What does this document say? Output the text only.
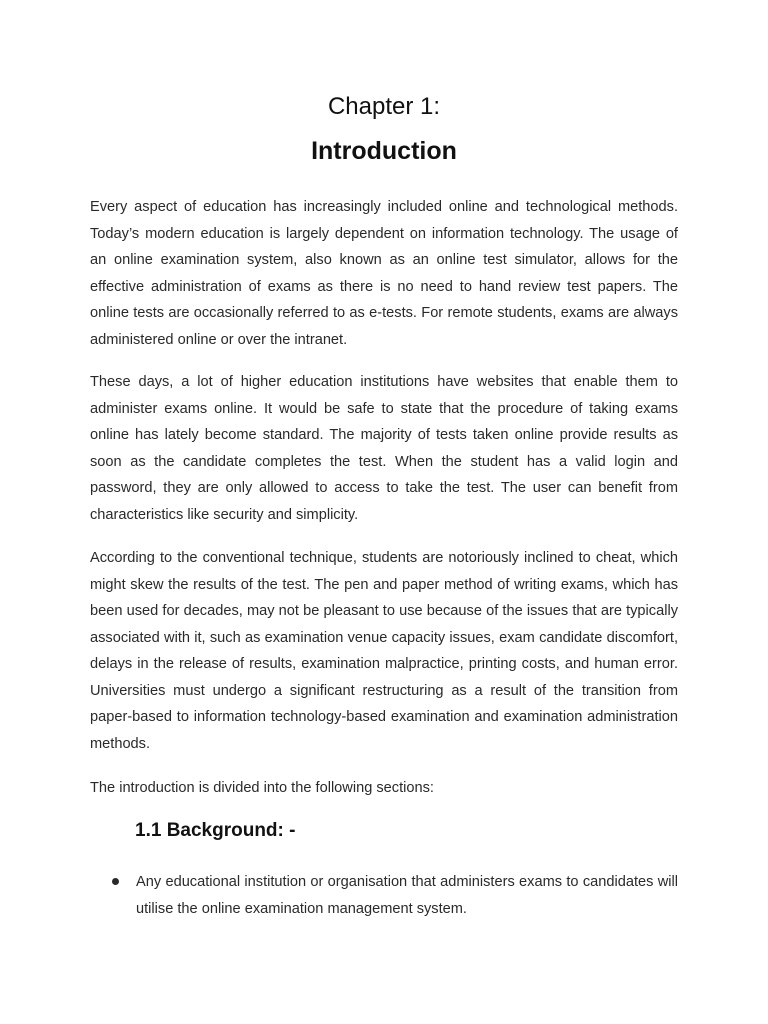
Chapter 1:
Introduction

Every aspect of education has increasingly included online and technological methods. Today’s modern education is largely dependent on information technology. The usage of an online examination system, also known as an online test simulator, allows for the effective administration of exams as there is no need to hand review test papers. The online tests are occasionally referred to as e-tests. For remote students, exams are always administered online or over the intranet.

These days, a lot of higher education institutions have websites that enable them to administer exams online. It would be safe to state that the procedure of taking exams online has lately become standard. The majority of tests taken online provide results as soon as the candidate completes the test. When the student has a valid login and password, they are only allowed to access to take the test. The user can benefit from characteristics like security and simplicity.

According to the conventional technique, students are notoriously inclined to cheat, which might skew the results of the test. The pen and paper method of writing exams, which has been used for decades, may not be pleasant to use because of the issues that are typically associated with it, such as examination venue capacity issues, exam candidate discomfort, delays in the release of results, examination malpractice, printing costs, and human error. Universities must undergo a significant restructuring as a result of the transition from paper-based to information technology-based examination and examination administration methods.

The introduction is divided into the following sections:

1.1 Background: -
Any educational institution or organisation that administers exams to candidates will utilise the online examination management system.
